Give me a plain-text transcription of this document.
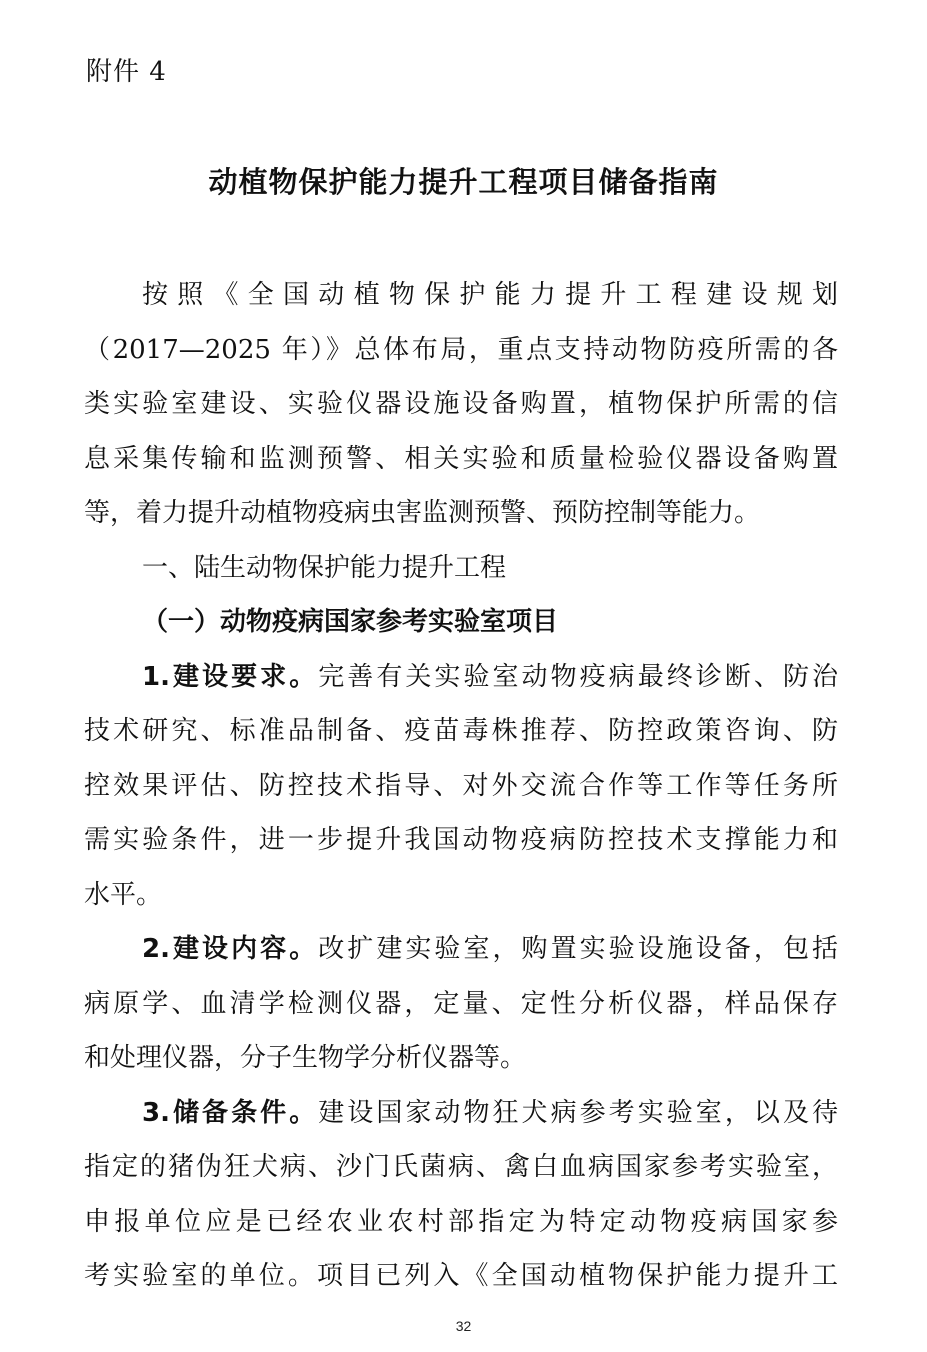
附件 4
动植物保护能力提升工程项目储备指南
按照《全国动植物保护能力提升工程建设规划
（2017—2025 年）》总体布局，重点支持动物防疫所需的各
类实验室建设、实验仪器设施设备购置，植物保护所需的信
息采集传输和监测预警、相关实验和质量检验仪器设备购置
等，着力提升动植物疫病虫害监测预警、预防控制等能力。
一、陆生动物保护能力提升工程
（一）动物疫病国家参考实验室项目
1.建设要求。完善有关实验室动物疫病最终诊断、防治
技术研究、标准品制备、疫苗毒株推荐、防控政策咨询、防
控效果评估、防控技术指导、对外交流合作等工作等任务所
需实验条件，进一步提升我国动物疫病防控技术支撑能力和
水平。
2.建设内容。改扩建实验室，购置实验设施设备，包括
病原学、血清学检测仪器，定量、定性分析仪器，样品保存
和处理仪器，分子生物学分析仪器等。
3.储备条件。建设国家动物狂犬病参考实验室，以及待
指定的猪伪狂犬病、沙门氏菌病、禽白血病国家参考实验室，
申报单位应是已经农业农村部指定为特定动物疫病国家参
考实验室的单位。项目已列入《全国动植物保护能力提升工
32
